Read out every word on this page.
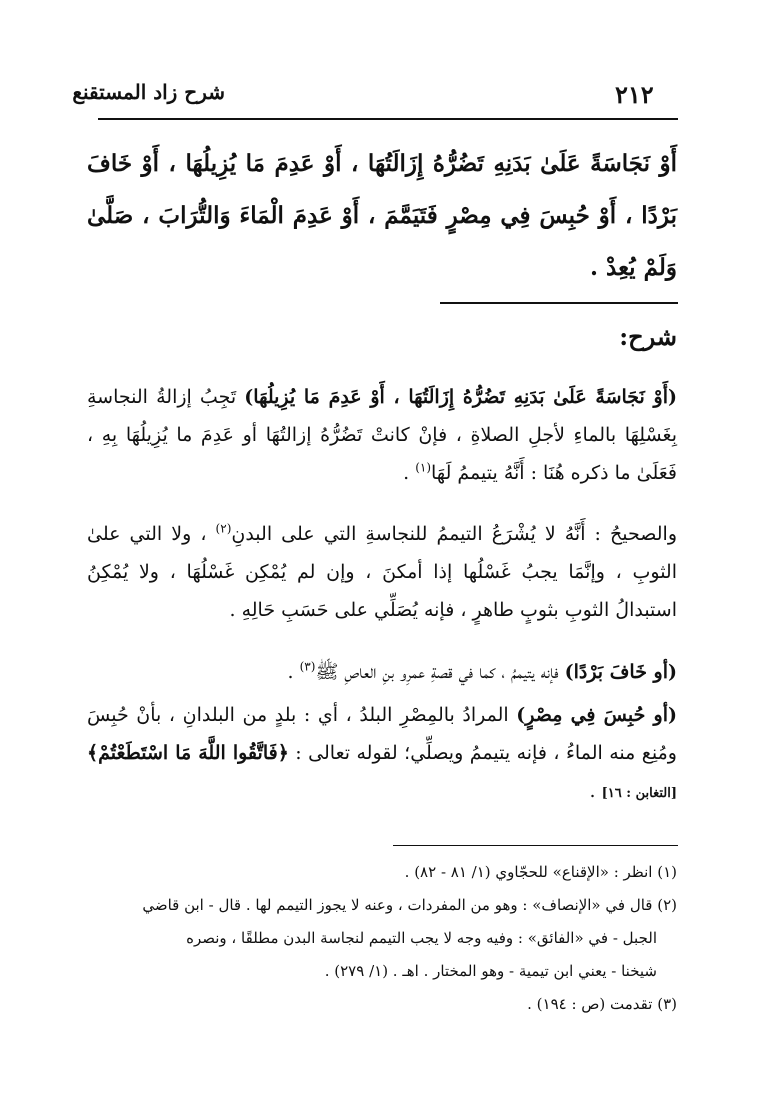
شرح زاد المستقنع	٢١٢
أَوْ نَجَاسَةً عَلَىٰ بَدَنِهِ تَضُرُّهُ إِزَالَتُهَا ، أَوْ عَدِمَ مَا يُزِيلُهَا ، أَوْ خَافَ بَرْدًا ، أَوْ حُبِسَ فِي مِصْرٍ فَتَيَمَّمَ ، أَوْ عَدِمَ الْمَاءَ وَالتُّرَابَ ، صَلَّىٰ وَلَمْ يُعِدْ .
شرح:
(أَوْ نَجَاسَةً عَلَىٰ بَدَنِهِ تَضُرُّهُ إِزَالَتُهَا ، أَوْ عَدِمَ مَا يُزِيلُهَا) تَجِبُ إزالةُ النجاسةِ بِغَسْلِهَا بالماءِ لأجلِ الصلاةِ ، فإنْ كانتْ تَضُرُّهُ إزالتُهَا أو عَدِمَ ما يُزِيلُهَا بِهِ ، فَعَلَىٰ ما ذكره هُنَا : أَنَّهُ يتيممُ لَهَا$^{(١)}$ .
والصحيحُ : أَنَّهُ لا يُشْرَعُ التيممُ للنجاسةِ التي على البدنِ$^{(٢)}$ ، ولا التي علىٰ الثوبِ ، وإنَّمَا يجبُ غَسْلُها إذا أمكنَ ، وإن لم يُمْكِن غَسْلُهَا ، ولا يُمْكِنُ استبدالُ الثوبِ بثوبٍ طاهرٍ ، فإنه يُصَلِّي على حَسَبِ حَالِهِ .
(أو خَافَ بَرْدًا) فإنه يتيممُ ، كما في قصةِ عمرِو بنِ العاصِ ﷺ$^{(٣)}$ .
(أو حُبِسَ فِي مِصْرٍ) المرادُ بالمِصْرِ البلدُ ، أي : بلدٍ من البلدانِ ، بأنْ حُبِسَ ومُنِع منه الماءُ ، فإنه يتيممُ ويصلِّي؛ لقوله تعالى : ﴿فَاتَّقُوا اللَّهَ مَا اسْتَطَعْتُمْ﴾ [التغابن : ١٦] .

(١) انظر : «الإقناع» للحجّاوي (١/ ٨١ - ٨٢) .

(٢) قال في «الإنصاف» : وهو من المفردات ، وعنه لا يجوز التيمم لها . قال - ابن قاضي

الجبل - في «الفائق» : وفيه وجه لا يجب التيمم لنجاسة البدن مطلقًا ، ونصره

شيخنا - يعني ابن تيمية - وهو المختار . اهـ . (١/ ٢٧٩) .

(٣) تقدمت (ص : ١٩٤) .
